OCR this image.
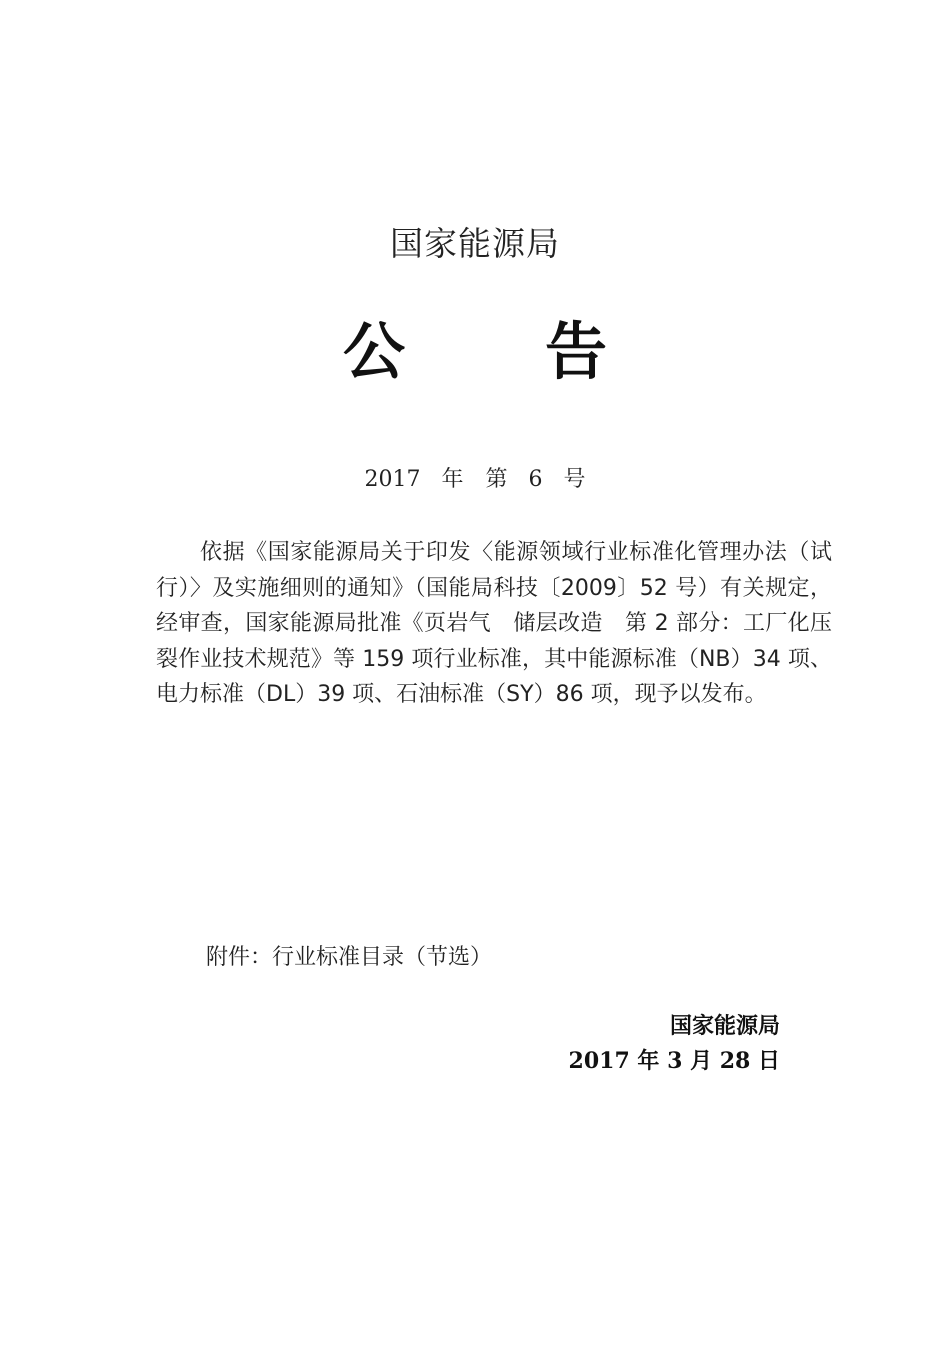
国家能源局
公告
2017 年　第 6 号
依据《国家能源局关于印发〈能源领域行业标准化管理办法（试行）〉及实施细则的通知》（国能局科技〔2009〕52 号）有关规定，经审查，国家能源局批准《页岩气　储层改造　第 2 部分：工厂化压裂作业技术规范》等 159 项行业标准，其中能源标准（NB）34 项、电力标准（DL）39 项、石油标准（SY）86 项，现予以发布。
附件：行业标准目录（节选）
国家能源局
2017 年 3 月 28 日
